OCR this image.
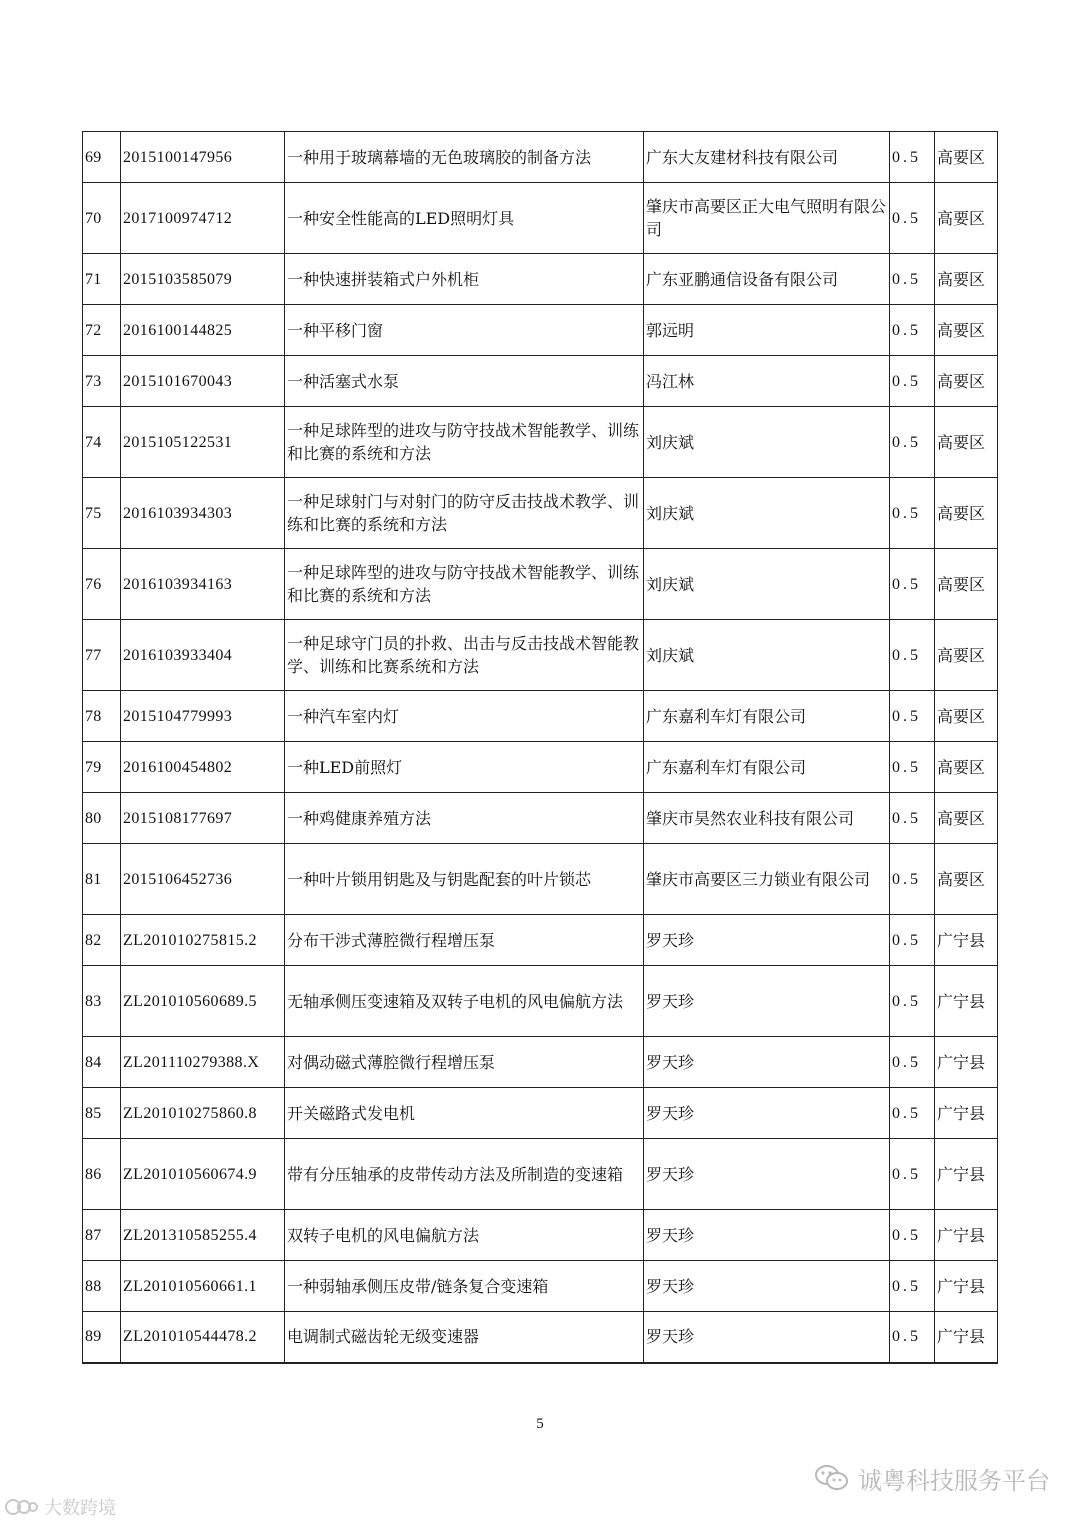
69	2015100147956	一种用于玻璃幕墙的无色玻璃胶的制备方法	广东大友建材科技有限公司	0.5	高要区
70	2017100974712	一种安全性能高的LED照明灯具	肇庆市高要区正大电气照明有限公司	0.5	高要区
71	2015103585079	一种快速拼装箱式户外机柜	广东亚鹏通信设备有限公司	0.5	高要区
72	2016100144825	一种平移门窗	郭远明	0.5	高要区
73	2015101670043	一种活塞式水泵	冯江林	0.5	高要区
74	2015105122531	一种足球阵型的进攻与防守技战术智能教学、训练和比赛的系统和方法	刘庆斌	0.5	高要区
75	2016103934303	一种足球射门与对射门的防守反击技战术教学、训练和比赛的系统和方法	刘庆斌	0.5	高要区
76	2016103934163	一种足球阵型的进攻与防守技战术智能教学、训练和比赛的系统和方法	刘庆斌	0.5	高要区
77	2016103933404	一种足球守门员的扑救、出击与反击技战术智能教学、训练和比赛系统和方法	刘庆斌	0.5	高要区
78	2015104779993	一种汽车室内灯	广东嘉利车灯有限公司	0.5	高要区
79	2016100454802	一种LED前照灯	广东嘉利车灯有限公司	0.5	高要区
80	2015108177697	一种鸡健康养殖方法	肇庆市昊然农业科技有限公司	0.5	高要区
81	2015106452736	一种叶片锁用钥匙及与钥匙配套的叶片锁芯	肇庆市高要区三力锁业有限公司	0.5	高要区
82	ZL201010275815.2	分布干涉式薄腔微行程增压泵	罗天珍	0.5	广宁县
83	ZL201010560689.5	无轴承侧压变速箱及双转子电机的风电偏航方法	罗天珍	0.5	广宁县
84	ZL201110279388.X	对偶动磁式薄腔微行程增压泵	罗天珍	0.5	广宁县
85	ZL201010275860.8	开关磁路式发电机	罗天珍	0.5	广宁县
86	ZL201010560674.9	带有分压轴承的皮带传动方法及所制造的变速箱	罗天珍	0.5	广宁县
87	ZL201310585255.4	双转子电机的风电偏航方法	罗天珍	0.5	广宁县
88	ZL201010560661.1	一种弱轴承侧压皮带/链条复合变速箱	罗天珍	0.5	广宁县
89	ZL201010544478.2	电调制式磁齿轮无级变速器	罗天珍	0.5	广宁县
5
诚粤科技服务平台
大数跨境
